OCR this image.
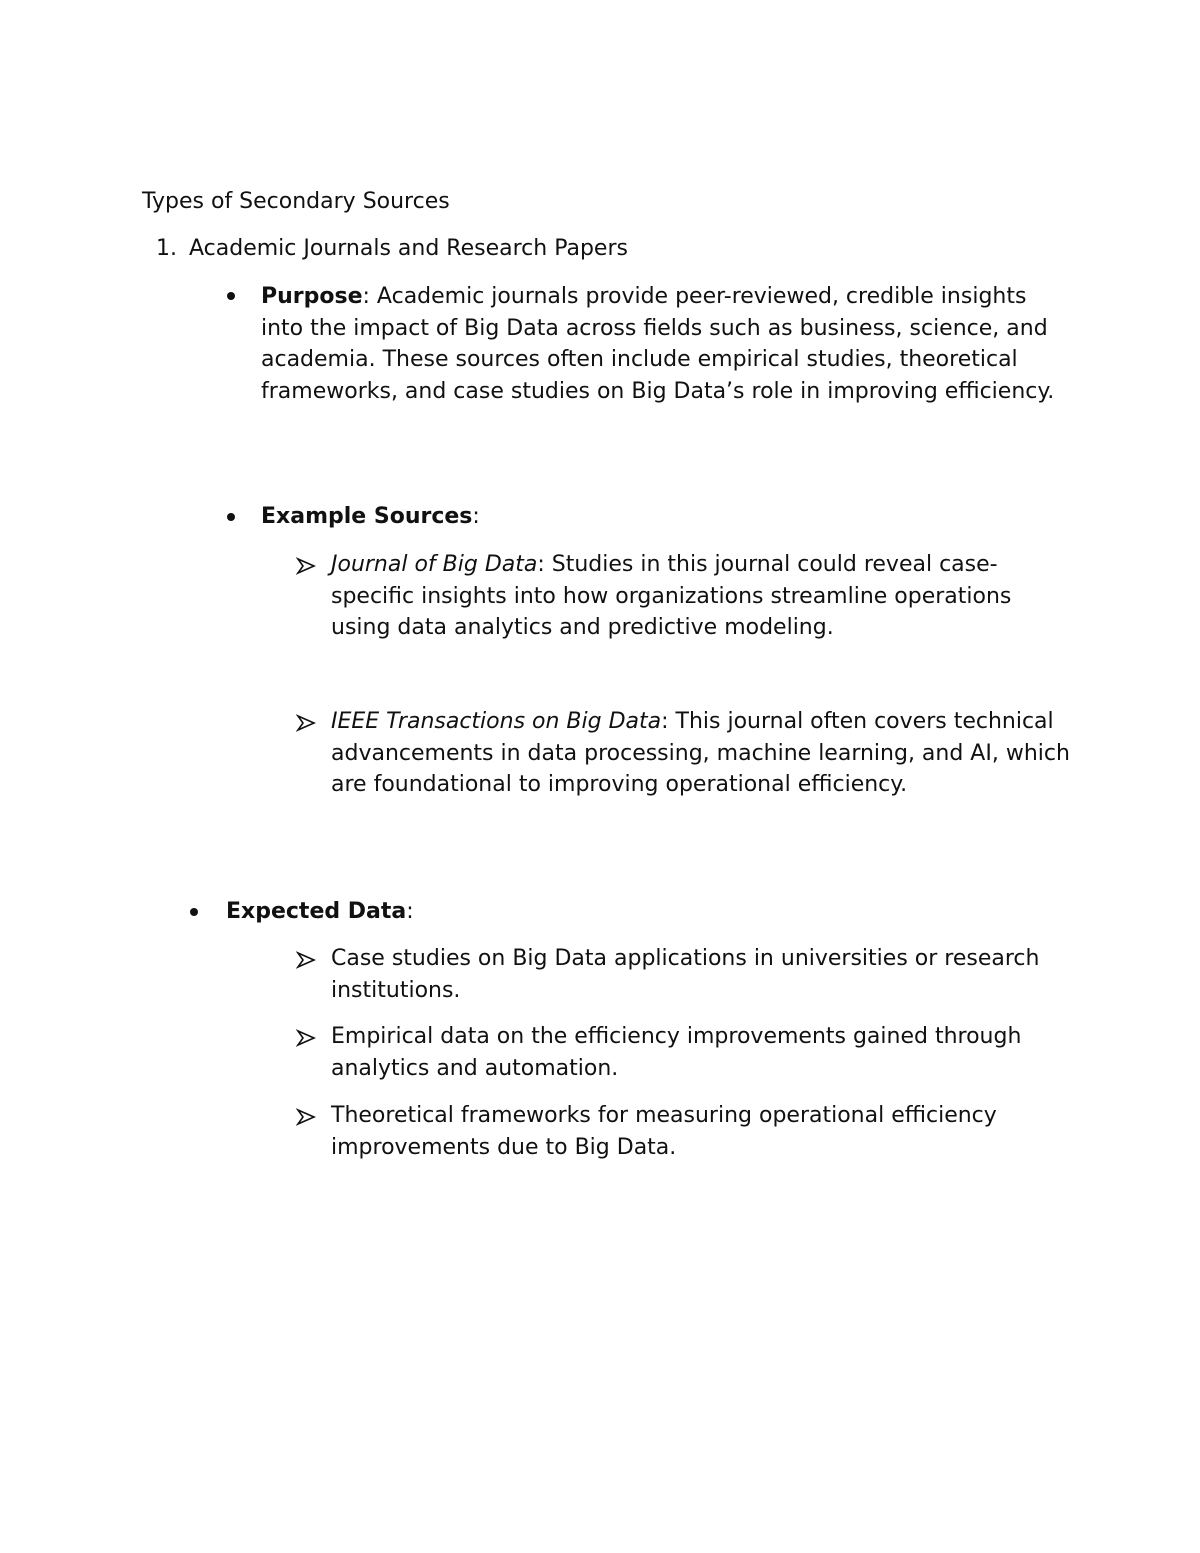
Types of Secondary Sources

1. Academic Journals and Research Papers

Purpose: Academic journals provide peer-reviewed, credible insights into the impact of Big Data across fields such as business, science, and academia. These sources often include empirical studies, theoretical frameworks, and case studies on Big Data’s role in improving efficiency.

Example Sources:

Journal of Big Data: Studies in this journal could reveal case-specific insights into how organizations streamline operations using data analytics and predictive modeling.

IEEE Transactions on Big Data: This journal often covers technical advancements in data processing, machine learning, and AI, which are foundational to improving operational efficiency.

Expected Data:

Case studies on Big Data applications in universities or research institutions.

Empirical data on the efficiency improvements gained through analytics and automation.

Theoretical frameworks for measuring operational efficiency improvements due to Big Data.
